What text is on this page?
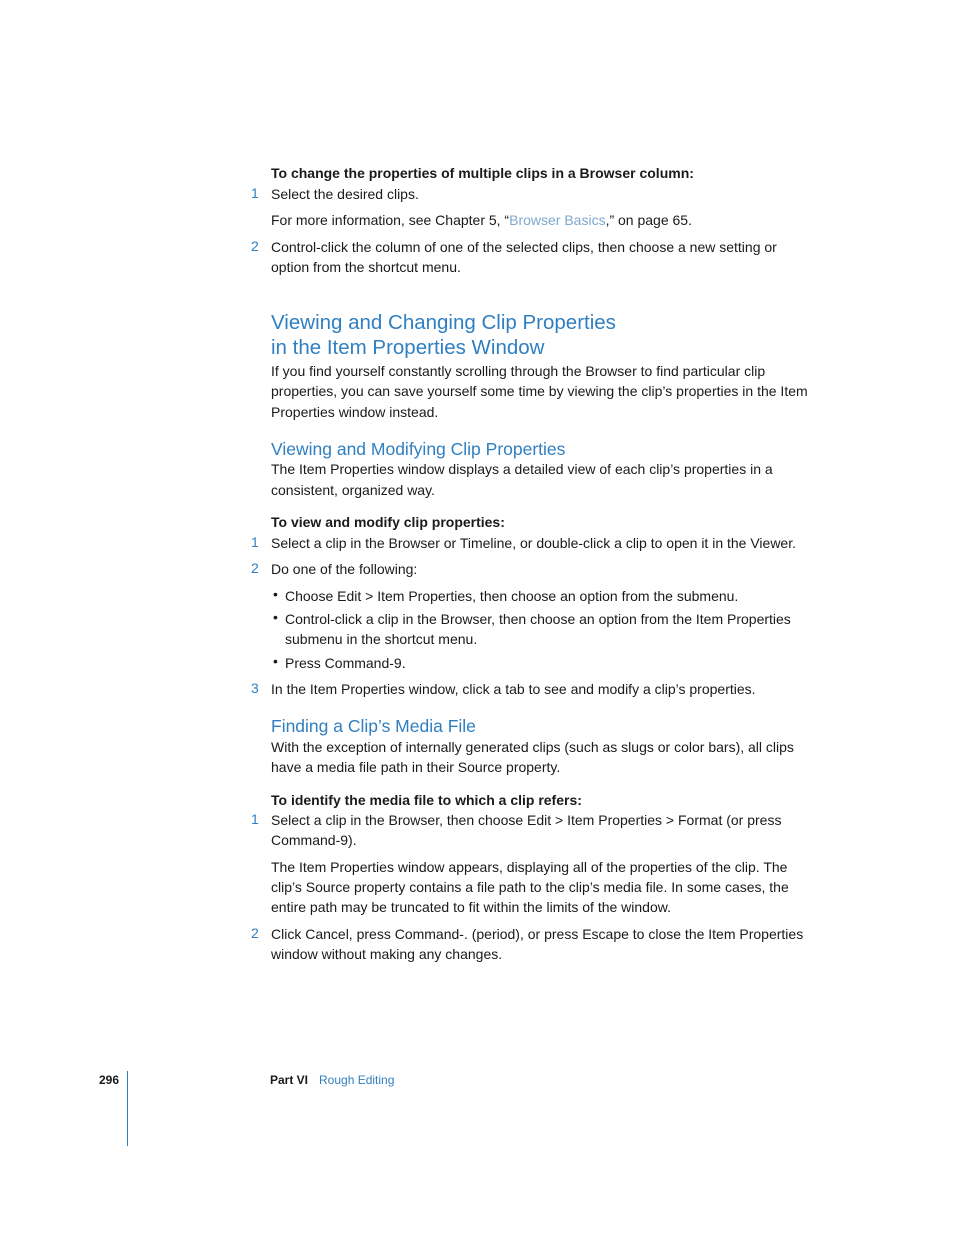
To change the properties of multiple clips in a Browser column:
1 Select the desired clips.
For more information, see Chapter 5, “Browser Basics,” on page 65.
2 Control-click the column of one of the selected clips, then choose a new setting or
option from the shortcut menu.
Viewing and Changing Clip Properties
in the Item Properties Window
If you find yourself constantly scrolling through the Browser to find particular clip
properties, you can save yourself some time by viewing the clip’s properties in the Item
Properties window instead.
Viewing and Modifying Clip Properties
The Item Properties window displays a detailed view of each clip’s properties in a
consistent, organized way.
To view and modify clip properties:
1 Select a clip in the Browser or Timeline, or double-click a clip to open it in the Viewer.
2 Do one of the following:
• Choose Edit > Item Properties, then choose an option from the submenu.
• Control-click a clip in the Browser, then choose an option from the Item Properties
submenu in the shortcut menu.
• Press Command-9.
3 In the Item Properties window, click a tab to see and modify a clip’s properties.
Finding a Clip’s Media File
With the exception of internally generated clips (such as slugs or color bars), all clips
have a media file path in their Source property.
To identify the media file to which a clip refers:
1 Select a clip in the Browser, then choose Edit > Item Properties > Format (or press
Command-9).
The Item Properties window appears, displaying all of the properties of the clip. The
clip’s Source property contains a file path to the clip’s media file. In some cases, the
entire path may be truncated to fit within the limits of the window.
2 Click Cancel, press Command-. (period), or press Escape to close the Item Properties
window without making any changes.
296	Part VI Rough Editing
